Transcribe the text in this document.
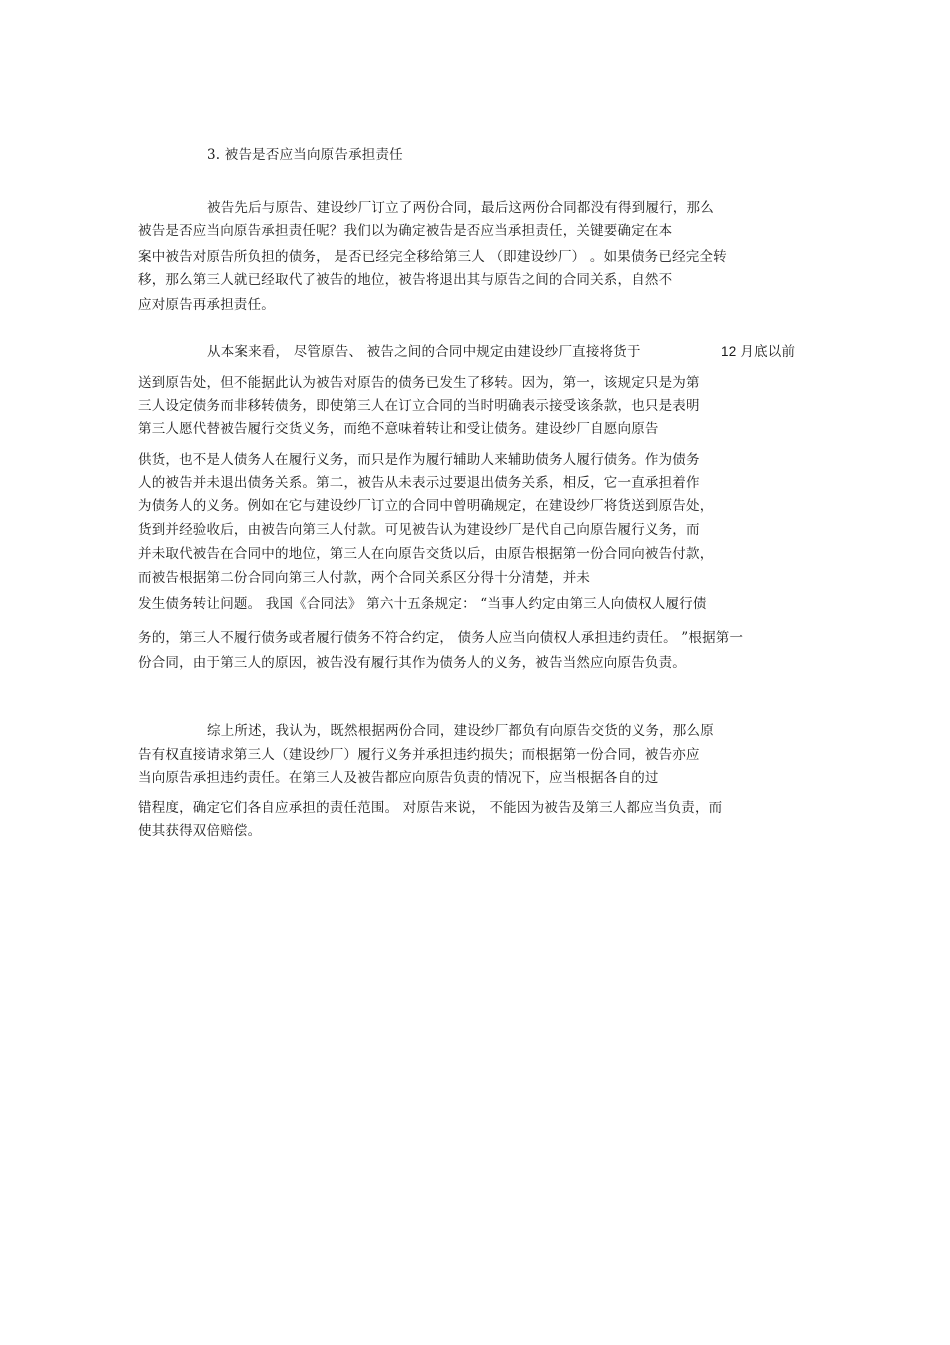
3. 被告是否应当向原告承担责任
被告先后与原告、建设纱厂订立了两份合同，最后这两份合同都没有得到履行，那么
被告是否应当向原告承担责任呢？我们以为确定被告是否应当承担责任，关键要确定在本
案中被告对原告所负担的债务， 是否已经完全移给第三人 （即建设纱厂） 。如果债务已经完全转
移，那么第三人就已经取代了被告的地位，被告将退出其与原告之间的合同关系，自然不
应对原告再承担责任。
从本案来看， 尽管原告、 被告之间的合同中规定由建设纱厂直接将货于	12 月底以前
送到原告处，但不能据此认为被告对原告的债务已发生了移转。因为，第一，该规定只是为第
三人设定债务而非移转债务，即使第三人在订立合同的当时明确表示接受该条款，也只是表明
第三人愿代替被告履行交货义务，而绝不意味着转让和受让债务。建设纱厂自愿向原告
供货，也不是人债务人在履行义务，而只是作为履行辅助人来辅助债务人履行债务。作为债务
人的被告并未退出债务关系。第二，被告从未表示过要退出债务关系，相反，它一直承担着作
为债务人的义务。例如在它与建设纱厂订立的合同中曾明确规定，在建设纱厂将货送到原告处，
货到并经验收后，由被告向第三人付款。可见被告认为建设纱厂是代自己向原告履行义务，而
并未取代被告在合同中的地位，第三人在向原告交货以后，由原告根据第一份合同向被告付款，
而被告根据第二份合同向第三人付款，两个合同关系区分得十分清楚，并未
发生债务转让问题。 我国《合同法》 第六十五条规定： “当事人约定由第三人向债权人履行债
务的，第三人不履行债务或者履行债务不符合约定， 债务人应当向债权人承担违约责任。 ”根据第一
份合同，由于第三人的原因，被告没有履行其作为债务人的义务，被告当然应向原告负责。
综上所述，我认为，既然根据两份合同，建设纱厂都负有向原告交货的义务，那么原
告有权直接请求第三人（建设纱厂）履行义务并承担违约损失；而根据第一份合同，被告亦应
当向原告承担违约责任。在第三人及被告都应向原告负责的情况下，应当根据各自的过
错程度，确定它们各自应承担的责任范围。 对原告来说， 不能因为被告及第三人都应当负责，而
使其获得双倍赔偿。
